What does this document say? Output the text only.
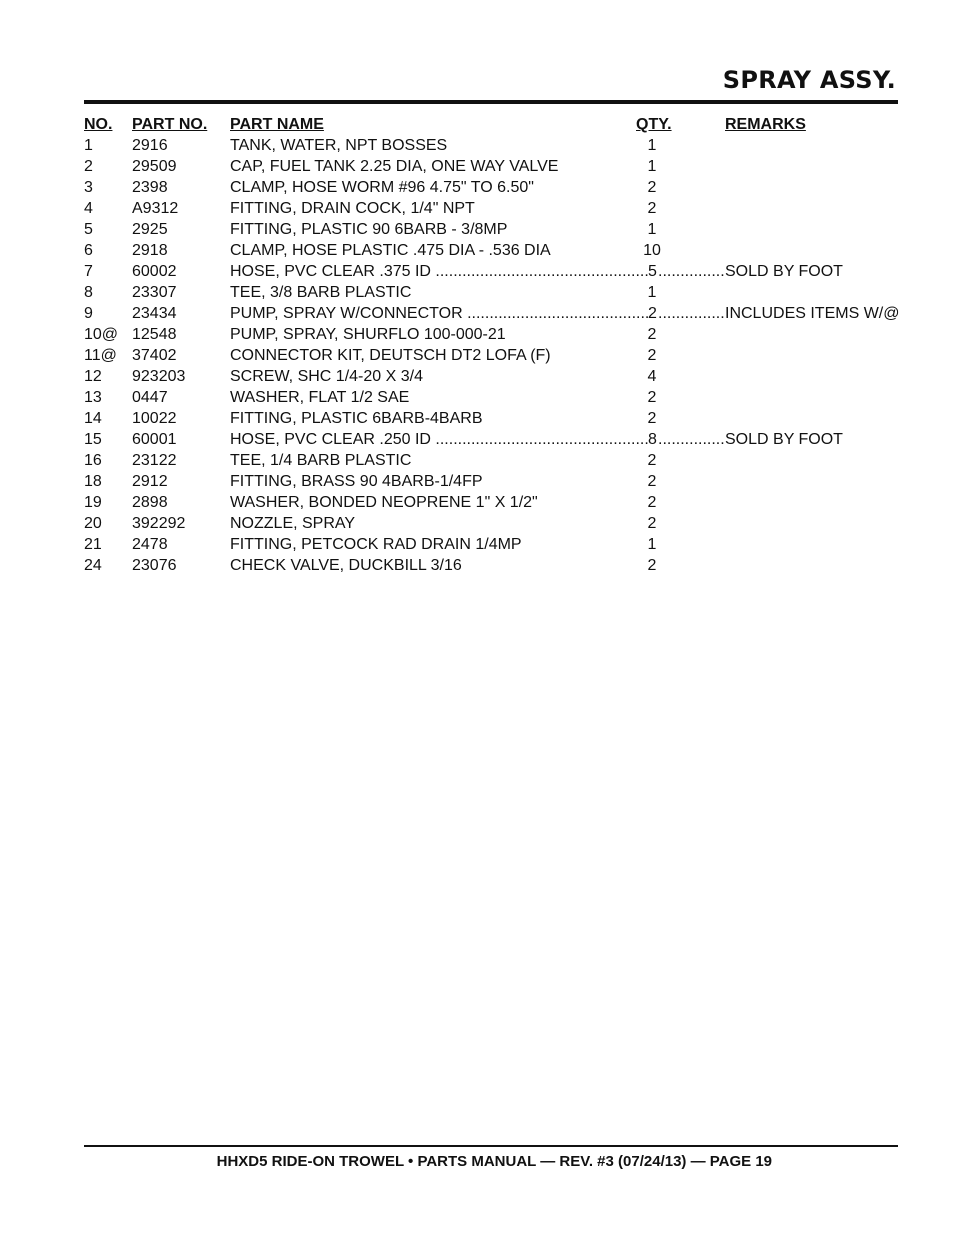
SPRAY ASSY.
NO. PART NO. PART NAME	QTY.	REMARKS
1 2916	TANK, WATER, NPT BOSSES	1
2 29509	CAP, FUEL TANK 2.25 DIA, ONE WAY VALVE	1
3 2398	CLAMP, HOSE WORM #96 4.75" TO 6.50"	2
4 A9312	FITTING, DRAIN COCK, 1/4" NPT	2
5 2925	FITTING, PLASTIC 90 6BARB - 3/8MP	1
6 2918	CLAMP, HOSE PLASTIC .475 DIA - .536 DIA	10
7 60002	HOSE, PVC CLEAR .375 ID .....	5 .....	SOLD BY FOOT
8 23307	TEE, 3/8 BARB PLASTIC	1
9 23434	PUMP, SPRAY W/CONNECTOR .....	2 .....	INCLUDES ITEMS W/@
10@ 12548	PUMP, SPRAY, SHURFLO 100-000-21	2
11@ 37402	CONNECTOR KIT, DEUTSCH DT2 LOFA (F)	2
12 923203	SCREW, SHC 1/4-20 X 3/4	4
13 0447	WASHER, FLAT 1/2 SAE	2
14 10022	FITTING, PLASTIC 6BARB-4BARB	2
15 60001	HOSE, PVC CLEAR .250 ID .....	8 .....	SOLD BY FOOT
16 23122	TEE, 1/4 BARB PLASTIC	2
18 2912	FITTING, BRASS 90 4BARB-1/4FP	2
19 2898	WASHER, BONDED NEOPRENE 1" X 1/2"	2
20 392292	NOZZLE, SPRAY	2
21 2478	FITTING, PETCOCK RAD DRAIN 1/4MP	1
24 23076	CHECK VALVE, DUCKBILL 3/16	2
HHXD5 RIDE-ON TROWEL • PARTS MANUAL — REV. #3 (07/24/13) — PAGE 19
